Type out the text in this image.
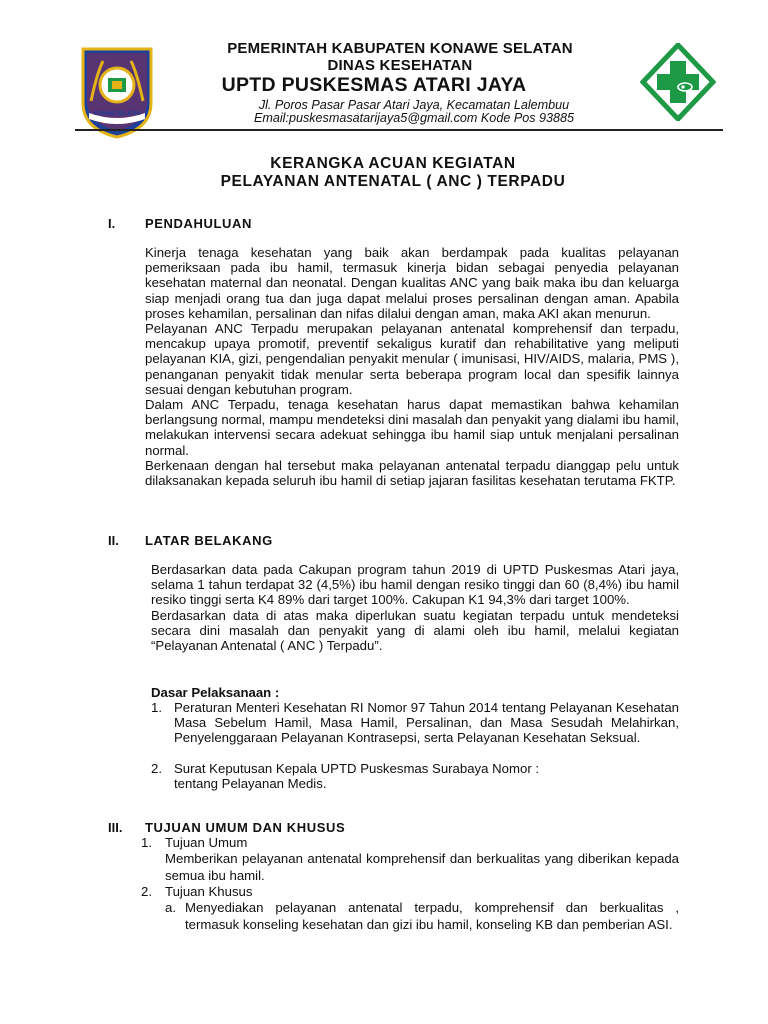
KONAWE SELATAN
PEMERINTAH KABUPATEN KONAWE SELATAN
DINAS KESEHATAN
UPTD PUSKESMAS ATARI JAYA
Jl. Poros Pasar Pasar Atari Jaya, Kecamatan Lalembuu
Email:puskesmasatarijaya5@gmail.com Kode Pos 93885
KERANGKA ACUAN KEGIATAN
PELAYANAN ANTENATAL ( ANC ) TERPADU
I. PENDAHULUAN

Kinerja tenaga kesehatan yang baik akan berdampak pada kualitas pelayanan pemeriksaan pada ibu hamil, termasuk kinerja bidan sebagai penyedia pelayanan kesehatan maternal dan neonatal. Dengan kualitas ANC yang baik maka ibu dan keluarga siap menjadi orang tua dan juga dapat melalui proses persalinan dengan aman. Apabila proses kehamilan, persalinan dan nifas dilalui dengan aman, maka AKI akan menurun.

Pelayanan ANC Terpadu merupakan pelayanan antenatal komprehensif dan terpadu, mencakup upaya promotif, preventif sekaligus kuratif dan rehabilitative yang meliputi pelayanan KIA, gizi, pengendalian penyakit menular ( imunisasi, HIV/AIDS, malaria, PMS ), penanganan penyakit tidak menular serta beberapa program local dan spesifik lainnya sesuai dengan kebutuhan program.

Dalam ANC Terpadu, tenaga kesehatan harus dapat memastikan bahwa kehamilan berlangsung normal, mampu mendeteksi dini masalah dan penyakit yang dialami ibu hamil, melakukan intervensi secara adekuat sehingga ibu hamil siap untuk menjalani persalinan normal.

Berkenaan dengan hal tersebut maka pelayanan antenatal terpadu dianggap pelu untuk dilaksanakan kepada seluruh ibu hamil di setiap jajaran fasilitas kesehatan terutama FKTP.

II. LATAR BELAKANG

Berdasarkan data pada Cakupan program tahun 2019 di UPTD Puskesmas Atari jaya, selama 1 tahun terdapat 32 (4,5%) ibu hamil dengan resiko tinggi dan 60 (8,4%) ibu hamil resiko tinggi serta K4 89% dari target 100%. Cakupan K1 94,3% dari target 100%.

Berdasarkan data di atas maka diperlukan suatu kegiatan terpadu untuk mendeteksi secara dini masalah dan penyakit yang di alami oleh ibu hamil, melalui kegiatan “Pelayanan Antenatal ( ANC ) Terpadu”.

Dasar Pelaksanaan :
1. Peraturan Menteri Kesehatan RI Nomor 97 Tahun 2014 tentang Pelayanan Kesehatan Masa Sebelum Hamil, Masa Hamil, Persalinan, dan Masa Sesudah Melahirkan, Penyelenggaraan Pelayanan Kontrasepsi, serta Pelayanan Kesehatan Seksual.

2. Surat Keputusan Kepala UPTD Puskesmas Surabaya Nomor :

tentang Pelayanan Medis.

III. TUJUAN UMUM DAN KHUSUS
1. Tujuan Umum

Memberikan pelayanan antenatal komprehensif dan berkualitas yang diberikan kepada semua ibu hamil.

2. Tujuan Khusus

a. Menyediakan pelayanan antenatal terpadu, komprehensif dan berkualitas , termasuk konseling kesehatan dan gizi ibu hamil, konseling KB dan pemberian ASI.
